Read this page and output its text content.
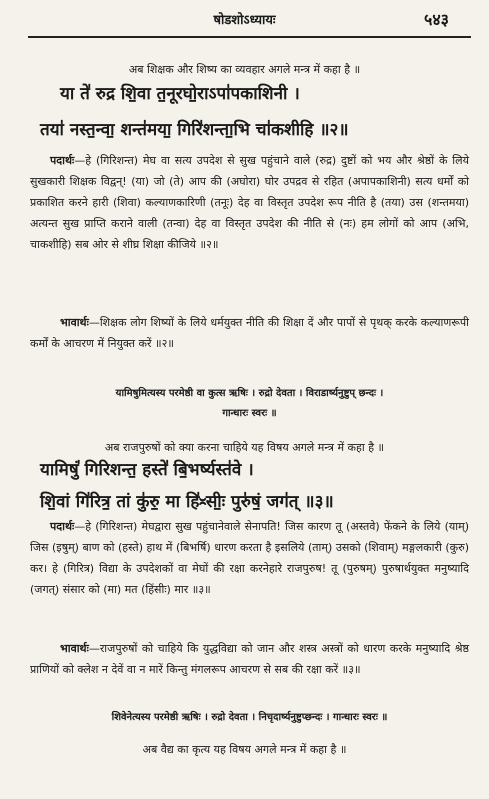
षोडशोऽध्यायः	५४३
अब शिक्षक और शिष्य का व्यवहार अगले मन्त्र में कहा है ॥
या ते॑ रुद्र शि॒वा त॒नूरघो॒राऽपा॑पकाशिनी ।
तया॑ नस्त॒न्वा॒ शन्त॑मया॒ गिरि॑शन्ता॒भि चा॑कशीहि ॥२॥
पदार्थः—हे (गिरिशन्त) मेघ वा सत्य उपदेश से सुख पहुंचाने वाले (रुद्र) दुष्टों को भय और श्रेष्ठों के लिये सुखकारी शिक्षक विद्वन्! (या) जो (ते) आप की (अघोरा) घोर उपद्रव से रहित (अपापकाशिनी) सत्य धर्मों को प्रकाशित करने हारी (शिवा) कल्याणकारिणी (तनूः) देह वा विस्तृत उपदेश रूप नीति है (तया) उस (शन्तमया) अत्यन्त सुख प्राप्ति कराने वाली (तन्वा) देह वा विस्तृत उपदेश की नीति से (नः) हम लोगों को आप (अभि, चाकशीहि) सब ओर से शीघ्र शिक्षा कीजिये ॥२॥
भावार्थः—शिक्षक लोग शिष्यों के लिये धर्मयुक्त नीति की शिक्षा दें और पापों से पृथक् करके कल्याणरूपी कर्मों के आचरण में नियुक्त करें ॥२॥
यामिषुमित्यस्य परमेष्ठी वा कुत्स ऋषिः । रुद्रो देवता । विराडार्ष्यनुष्टुप् छन्दः ।
गान्धारः स्वरः ॥
अब राजपुरुषों को क्या करना चाहिये यह विषय अगले मन्त्र में कहा है ॥
यामिषुं॑ गिरिशन्त॒ हस्ते॑ बि॒भर्ष्यस्त॑वे ।
शि॒वां गि॑रित्र॒ तां कु॑रु॒ मा हि॑ᳲसीः॒ पुरु॑षं॒ जग॑त् ॥३॥
पदार्थः—हे (गिरिशन्त) मेघद्वारा सुख पहुंचानेवाले सेनापति! जिस कारण तू (अस्तवे) फेंकने के लिये (याम्) जिस (इषुम्) बाण को (हस्ते) हाथ में (बिभर्षि) धारण करता है इसलिये (ताम्) उसको (शिवाम्) मङ्गलकारी (कुरु) कर। हे (गिरित्र) विद्या के उपदेशकों वा मेघों की रक्षा करनेहारे राजपुरुष! तू (पुरुषम्) पुरुषार्थयुक्त मनुष्यादि (जगत्) संसार को (मा) मत (हिंसीः) मार ॥३॥
भावार्थः—राजपुरुषों को चाहिये कि युद्धविद्या को जान और शस्त्र अस्त्रों को धारण करके मनुष्यादि श्रेष्ठ प्राणियों को क्लेश न देवें वा न मारें किन्तु मंगलरूप आचरण से सब की रक्षा करें ॥३॥
शिवेनेत्यस्य परमेष्ठी ऋषिः । रुद्रो देवता । निचृदार्ष्यनुष्टुप्छन्दः । गान्धारः स्वरः ॥
अब वैद्य का कृत्य यह विषय अगले मन्त्र में कहा है ॥
